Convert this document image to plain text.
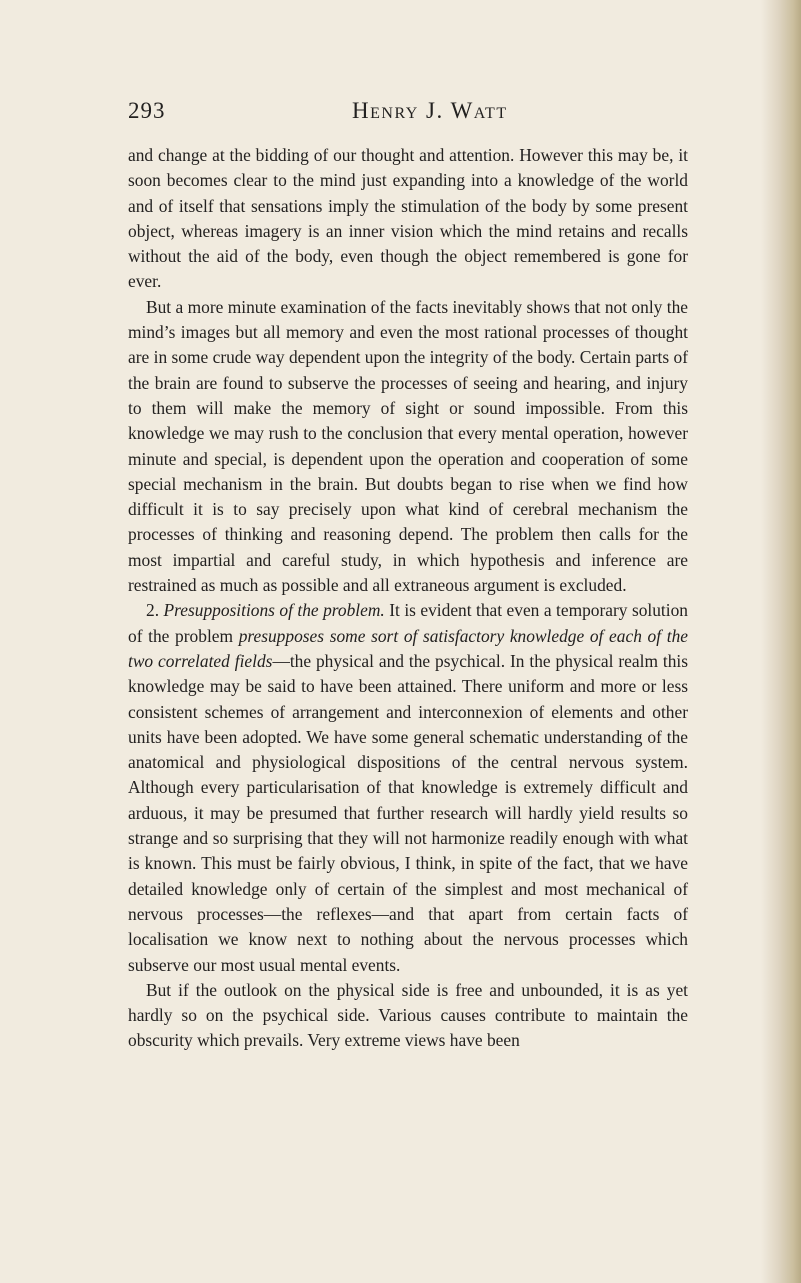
293	Henry J. Watt

and change at the bidding of our thought and attention. However this may be, it soon becomes clear to the mind just expanding into a knowledge of the world and of itself that sensations imply the stimulation of the body by some present object, whereas imagery is an inner vision which the mind retains and recalls without the aid of the body, even though the object remembered is gone for ever.

But a more minute examination of the facts inevitably shows that not only the mind’s images but all memory and even the most rational processes of thought are in some crude way dependent upon the integrity of the body. Certain parts of the brain are found to subserve the processes of seeing and hearing, and injury to them will make the memory of sight or sound impossible. From this knowledge we may rush to the conclusion that every mental operation, however minute and special, is dependent upon the operation and cooperation of some special mechanism in the brain. But doubts began to rise when we find how difficult it is to say precisely upon what kind of cerebral mechanism the processes of thinking and reasoning depend. The problem then calls for the most impartial and careful study, in which hypothesis and inference are restrained as much as possible and all extraneous argument is excluded.

2. Presuppositions of the problem. It is evident that even a temporary solution of the problem presupposes some sort of satisfactory knowledge of each of the two correlated fields—the physical and the psychical. In the physical realm this knowledge may be said to have been attained. There uniform and more or less consistent schemes of arrangement and interconnexion of elements and other units have been adopted. We have some general schematic understanding of the anatomical and physiological dispositions of the central nervous system. Although every particularisation of that knowledge is extremely difficult and arduous, it may be presumed that further research will hardly yield results so strange and so surprising that they will not harmonize readily enough with what is known. This must be fairly obvious, I think, in spite of the fact, that we have detailed knowledge only of certain of the simplest and most mechanical of nervous processes—the reflexes—and that apart from certain facts of localisation we know next to nothing about the nervous processes which subserve our most usual mental events.

But if the outlook on the physical side is free and unbounded, it is as yet hardly so on the psychical side. Various causes contribute to maintain the obscurity which prevails. Very extreme views have been
